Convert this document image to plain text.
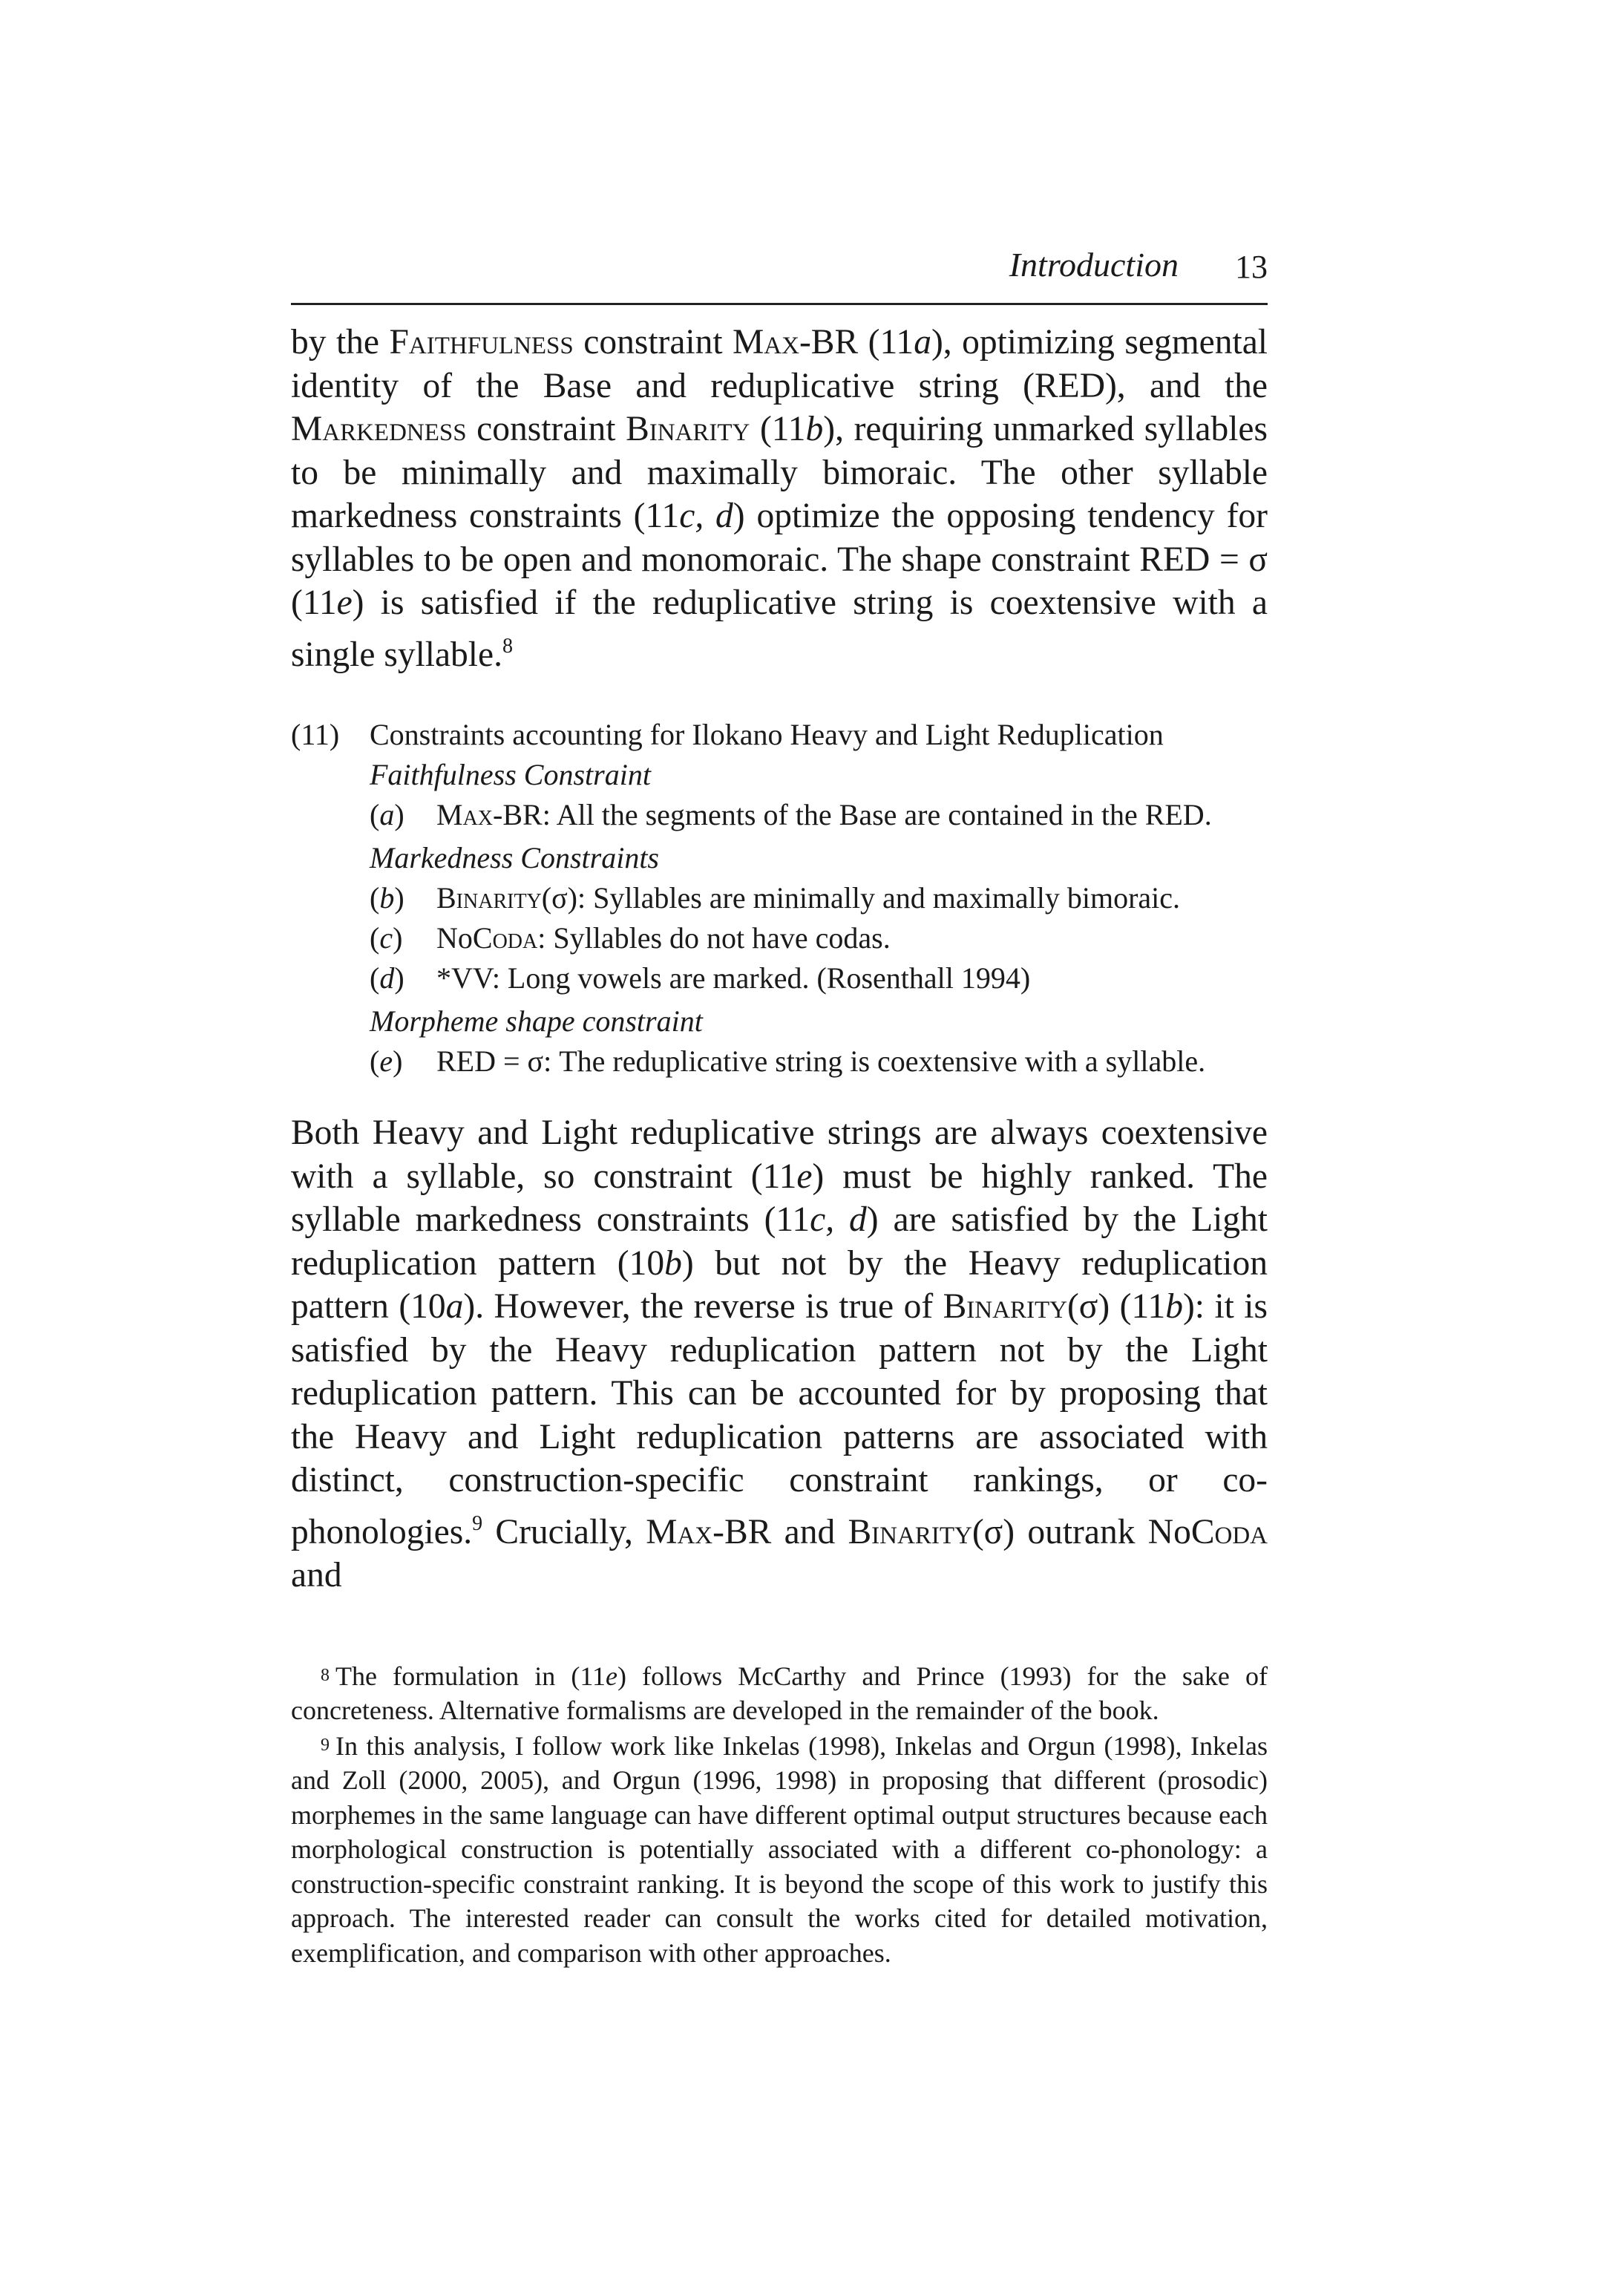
Introduction 13

by the Faithfulness constraint Max-BR (11a), optimizing segmental identity of the Base and reduplicative string (RED), and the Markedness constraint Binarity (11b), requiring unmarked syllables to be minimally and maximally bimoraic. The other syllable markedness constraints (11c, d) optimize the opposing tendency for syllables to be open and monomoraic. The shape constraint RED = σ (11e) is satisfied if the reduplicative string is coextensive with a single syllable.$^8$

(11) Constraints accounting for Ilokano Heavy and Light Reduplication

Faithfulness Constraint

(a) Max-BR: All the segments of the Base are contained in the RED.

Markedness Constraints

(b) Binarity(σ): Syllables are minimally and maximally bimoraic.
(c) NoCoda: Syllables do not have codas.
(d) *VV: Long vowels are marked. (Rosenthall 1994)

Morpheme shape constraint

(e) RED = σ: The reduplicative string is coextensive with a syllable.

Both Heavy and Light reduplicative strings are always coextensive with a syllable, so constraint (11e) must be highly ranked. The syllable markedness constraints (11c, d) are satisfied by the Light reduplication pattern (10b) but not by the Heavy reduplication pattern (10a). However, the reverse is true of Binarity(σ) (11b): it is satisfied by the Heavy reduplication pattern not by the Light reduplication pattern. This can be accounted for by proposing that the Heavy and Light reduplication patterns are associated with distinct, construction-specific constraint rankings, or co-phonologies.$^9$ Crucially, Max-BR and Binarity(σ) outrank NoCoda and

$^8$ The formulation in (11e) follows McCarthy and Prince (1993) for the sake of concreteness. Alternative formalisms are developed in the remainder of the book.

$^9$ In this analysis, I follow work like Inkelas (1998), Inkelas and Orgun (1998), Inkelas and Zoll (2000, 2005), and Orgun (1996, 1998) in proposing that different (prosodic) morphemes in the same language can have different optimal output structures because each morphological construction is potentially associated with a different co-phonology: a construction-specific constraint ranking. It is beyond the scope of this work to justify this approach. The interested reader can consult the works cited for detailed motivation, exemplification, and comparison with other approaches.
